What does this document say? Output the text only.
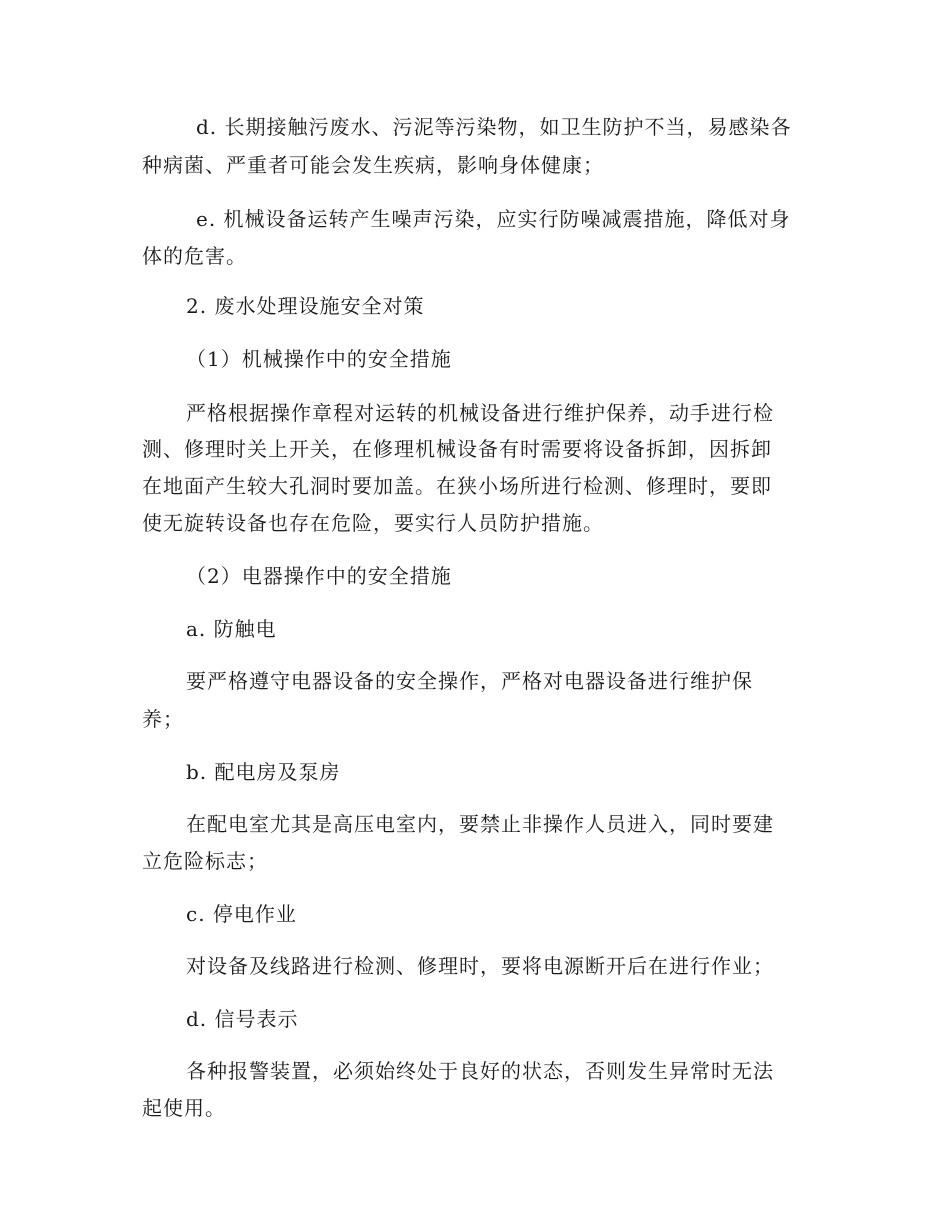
d. 长期接触污废水、污泥等污染物，如卫生防护不当，易感染各
种病菌、严重者可能会发生疾病，影响身体健康；
e. 机械设备运转产生噪声污染，应实行防噪减震措施，降低对身
体的危害。
2. 废水处理设施安全对策
（1）机械操作中的安全措施
严格根据操作章程对运转的机械设备进行维护保养，动手进行检
测、修理时关上开关，在修理机械设备有时需要将设备拆卸，因拆卸
在地面产生较大孔洞时要加盖。在狭小场所进行检测、修理时，要即
使无旋转设备也存在危险，要实行人员防护措施。
（2）电器操作中的安全措施
a. 防触电
要严格遵守电器设备的安全操作，严格对电器设备进行维护保
养；
b. 配电房及泵房
在配电室尤其是高压电室内，要禁止非操作人员进入，同时要建
立危险标志；
c. 停电作业
对设备及线路进行检测、修理时，要将电源断开后在进行作业；
d. 信号表示
各种报警装置，必须始终处于良好的状态，否则发生异常时无法
起使用。
